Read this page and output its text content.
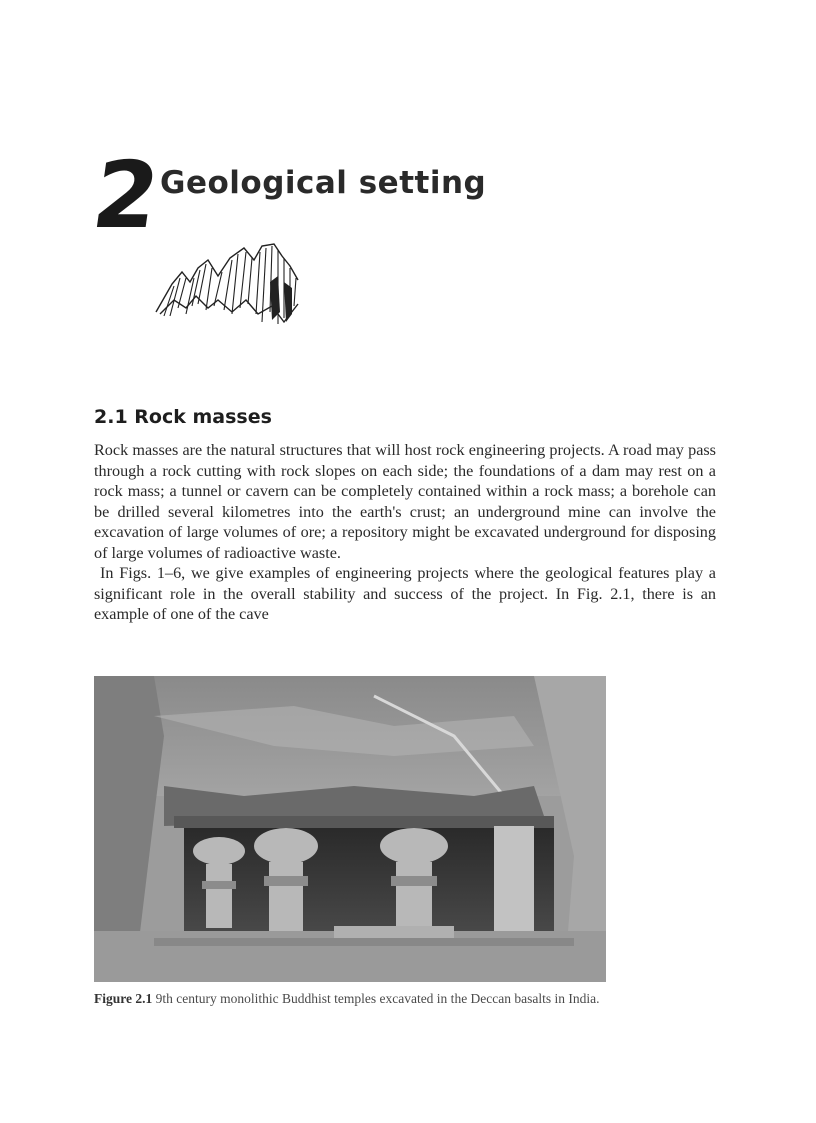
2
Geological setting
2.1 Rock masses

Rock masses are the natural structures that will host rock engineering projects. A road may pass through a rock cutting with rock slopes on each side; the foundations of a dam may rest on a rock mass; a tunnel or cavern can be completely contained within a rock mass; a borehole can be drilled several kilometres into the earth's crust; an underground mine can involve the excavation of large volumes of ore; a repository might be excavated underground for disposing of large volumes of radioactive waste.

In Figs. 1–6, we give examples of engineering projects where the geological features play a significant role in the overall stability and success of the project. In Fig. 2.1, there is an example of one of the cave

Figure 2.1 9th century monolithic Buddhist temples excavated in the Deccan basalts in India.
